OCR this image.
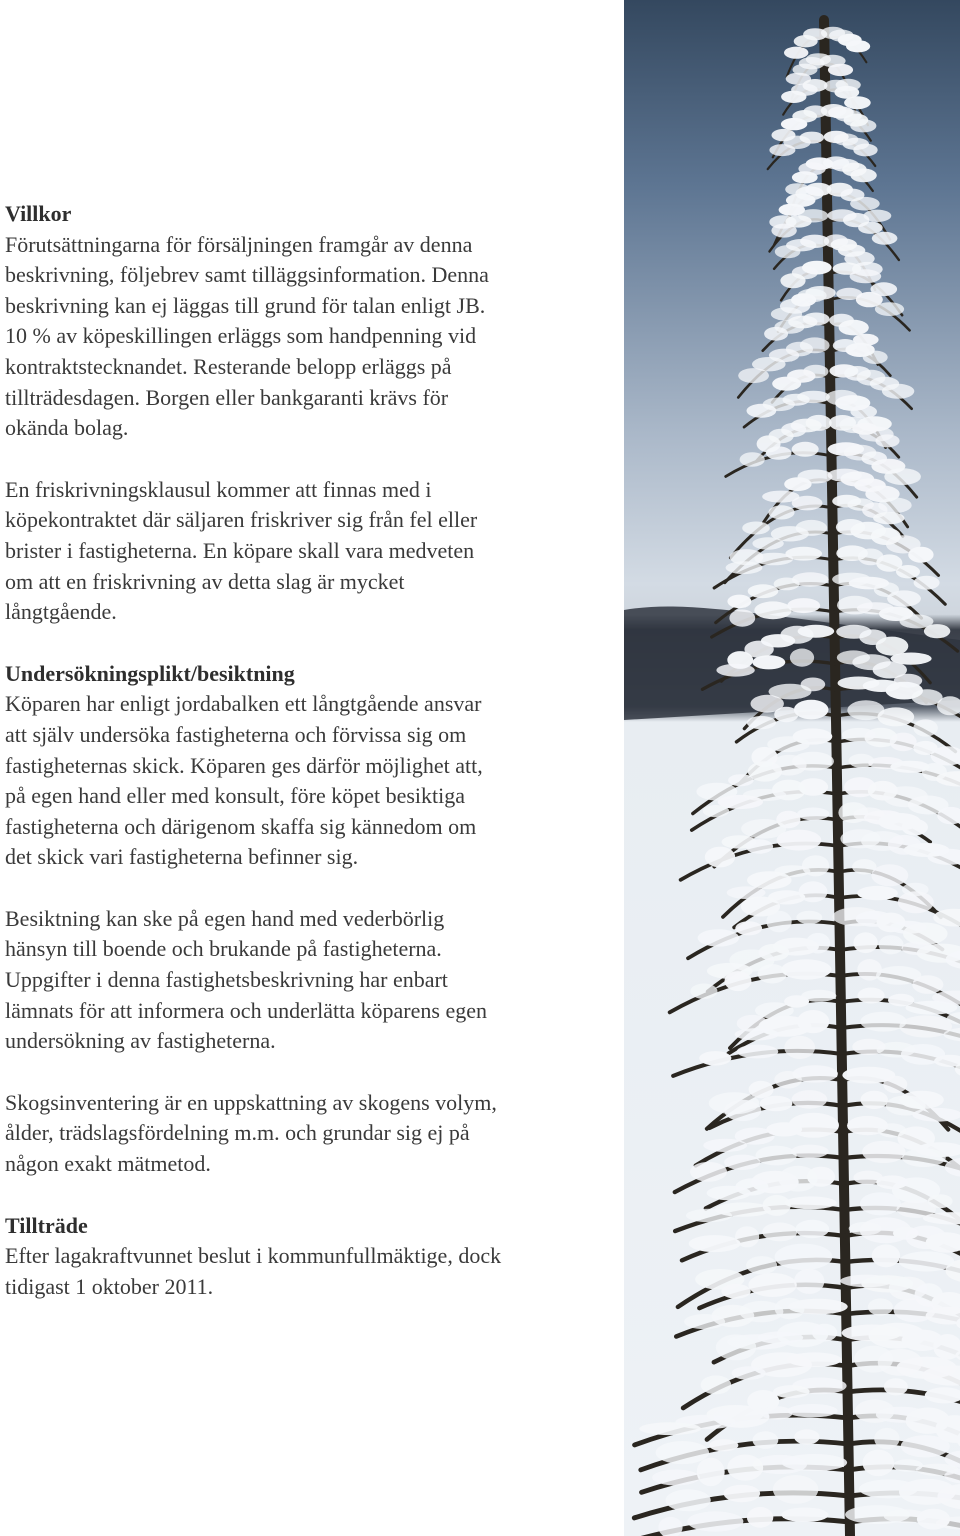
Villkor

Förutsättningarna för försäljningen framgår av denna
beskrivning, följebrev samt tilläggsinformation. Denna
beskrivning kan ej läggas till grund för talan enligt JB.
10 % av köpeskillingen erläggs som handpenning vid
kontraktstecknandet. Resterande belopp erläggs på
tillträdesdagen. Borgen eller bankgaranti krävs för
okända bolag.

En friskrivningsklausul kommer att finnas med i
köpekontraktet där säljaren friskriver sig från fel eller
brister i fastigheterna. En köpare skall vara medveten
om att en friskrivning av detta slag är mycket
långtgående.

Undersökningsplikt/besiktning

Köparen har enligt jordabalken ett långtgående ansvar
att själv undersöka fastigheterna och förvissa sig om
fastigheternas skick. Köparen ges därför möjlighet att,
på egen hand eller med konsult, före köpet besiktiga
fastigheterna och därigenom skaffa sig kännedom om
det skick vari fastigheterna befinner sig.

Besiktning kan ske på egen hand med vederbörlig
hänsyn till boende och brukande på fastigheterna.
Uppgifter i denna fastighetsbeskrivning har enbart
lämnats för att informera och underlätta köparens egen
undersökning av fastigheterna.

Skogsinventering är en uppskattning av skogens volym,
ålder, trädslagsfördelning m.m. och grundar sig ej på
någon exakt mätmetod.

Tillträde

Efter lagakraftvunnet beslut i kommunfullmäktige, dock
tidigast 1 oktober 2011.
